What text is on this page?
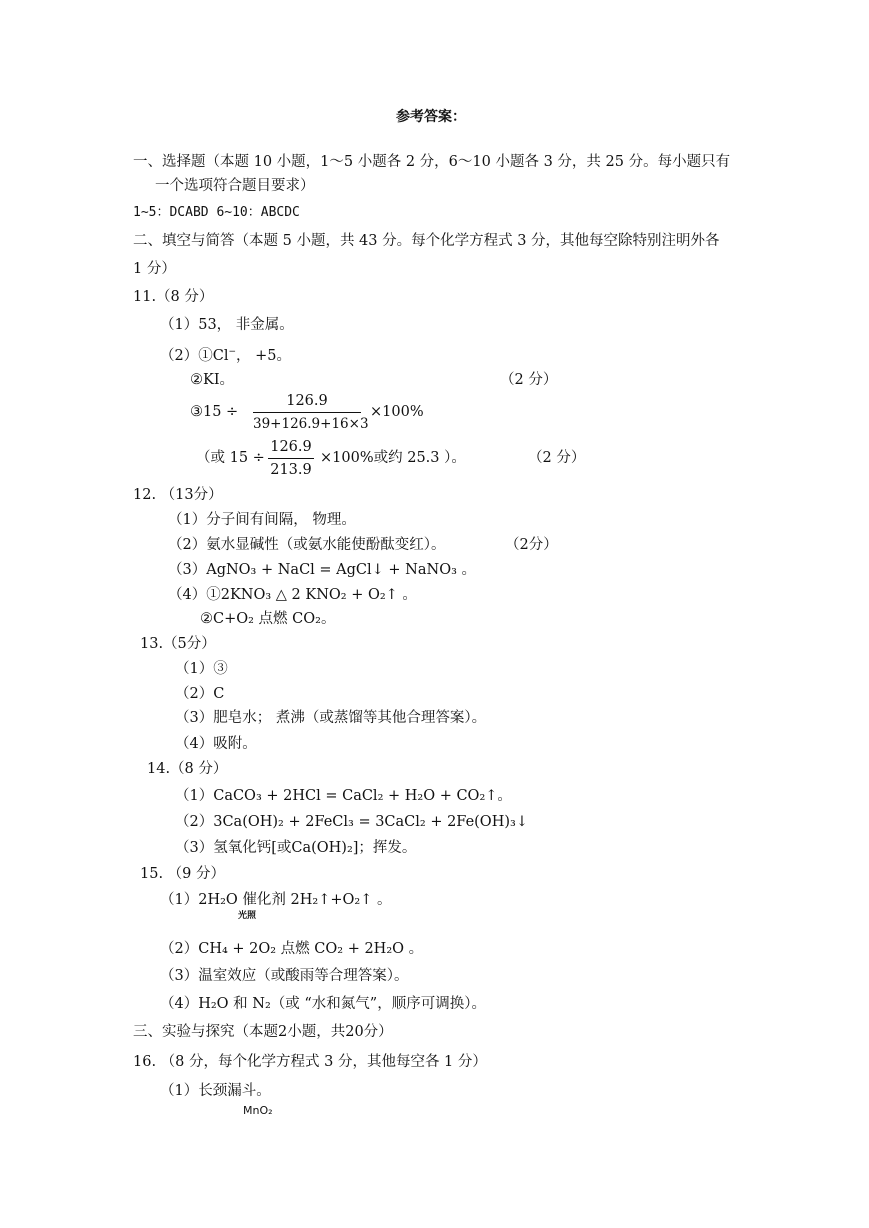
参考答案：
一、选择题（本题 10 小题，1～5 小题各 2 分，6～10 小题各 3 分，共 25 分。每小题只有
一个选项符合题目要求）
1~5：DCABD 6~10：ABCDC
二、填空与简答（本题 5 小题，共 43 分。每个化学方程式 3 分，其他每空除特别注明外各
1 分）
11.（8 分）
（1）53， 非金属。
（2）①Cl−， +5。
②KI。	（2 分）
③15 ÷
126.9
39+126.9+16×3
×100%
（或 15 ÷
126.9
213.9
×100%或约 25.3 ）。	（2 分）
12. （13分）
（1）分子间有间隔， 物理。
（2）氨水显碱性（或氨水能使酚酞变红）。	（2分）
（3）AgNO₃ + NaCl = AgCl↓ + NaNO₃ 。
（4）①2KNO₃ △ 2 KNO₂ + O₂↑ 。
②C+O₂ 点燃 CO₂。
13.（5分）
（1）③
（2）C
（3）肥皂水； 煮沸（或蒸馏等其他合理答案）。
（4）吸附。
14.（8 分）
（1）CaCO₃ + 2HCl = CaCl₂ + H₂O + CO₂↑。
（2）3Ca(OH)₂ + 2FeCl₃ = 3CaCl₂ + 2Fe(OH)₃↓
（3）氢氧化钙[或Ca(OH)₂]；挥发。
15. （9 分）
（1）2H₂O 催化剂 2H₂↑+O₂↑ 。
光照
（2）CH₄ + 2O₂ 点燃 CO₂ + 2H₂O 。
（3）温室效应（或酸雨等合理答案）。
（4）H₂O 和 N₂（或 “水和氮气”，顺序可调换）。
三、实验与探究（本题2小题，共20分）
16. （8 分，每个化学方程式 3 分，其他每空各 1 分）
（1）长颈漏斗。
MnO₂
